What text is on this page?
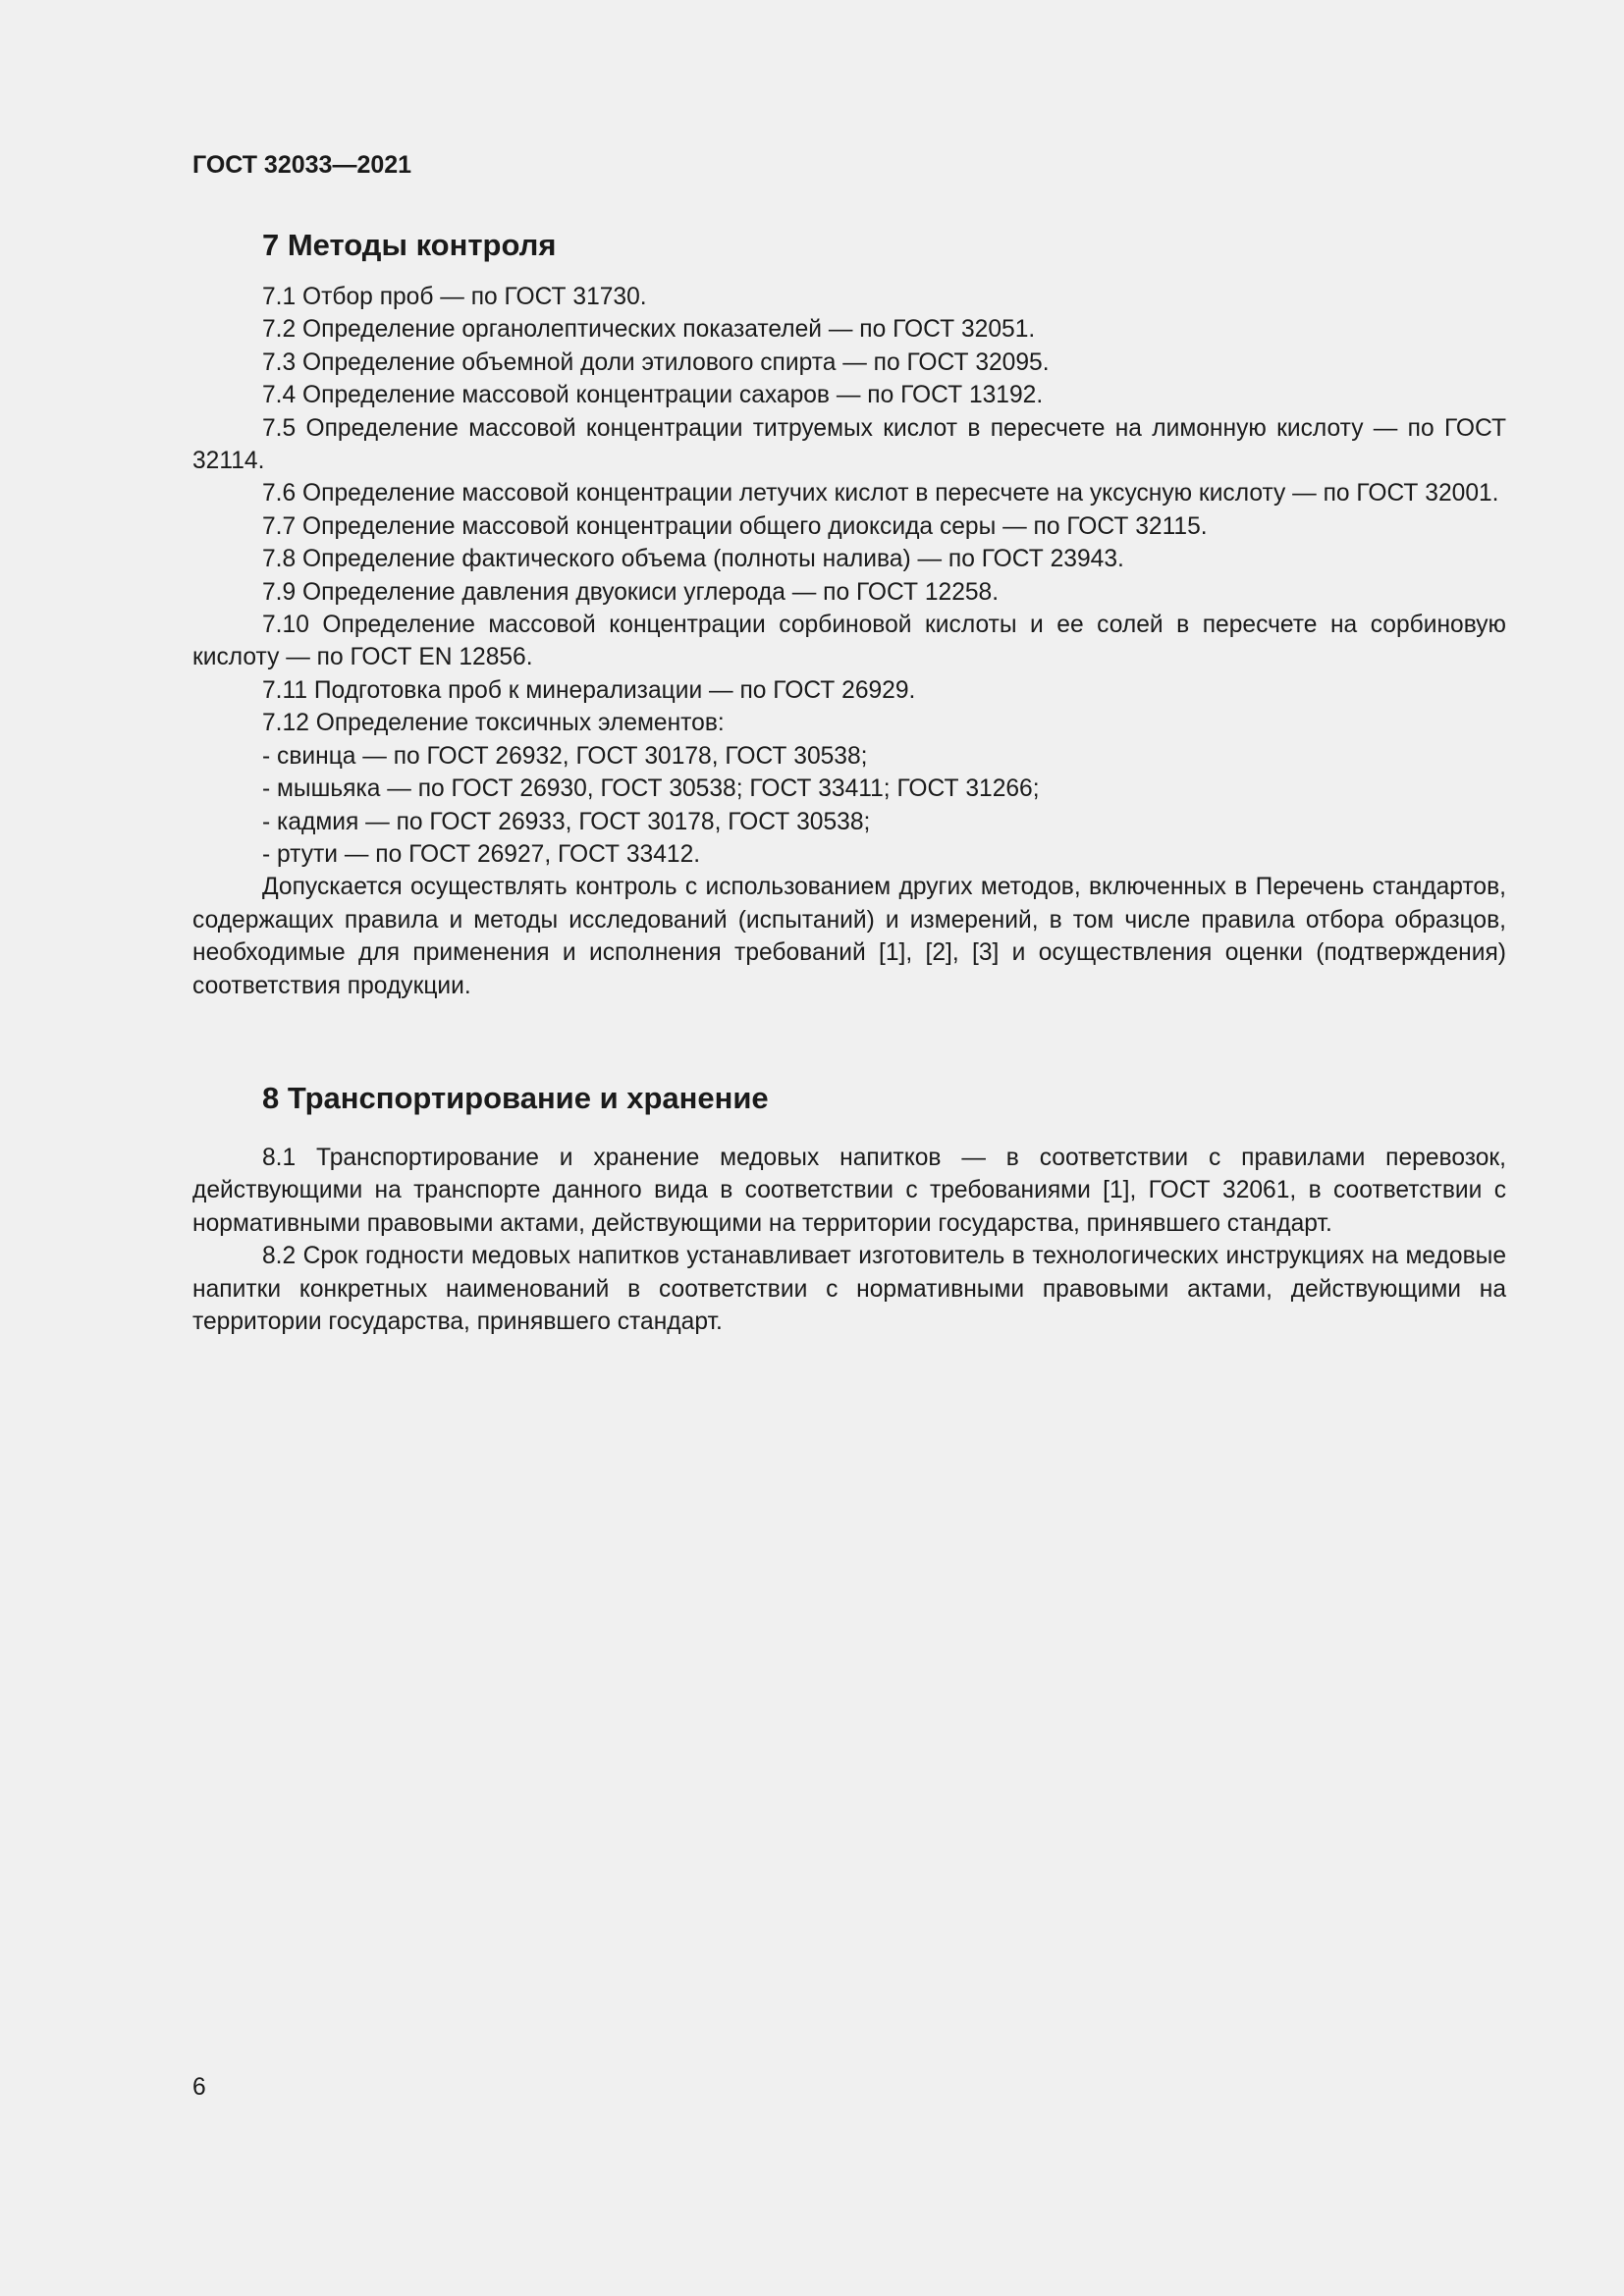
ГОСТ 32033—2021

7 Методы контроля

7.1 Отбор проб — по ГОСТ 31730.

7.2 Определение органолептических показателей — по ГОСТ 32051.

7.3 Определение объемной доли этилового спирта — по ГОСТ 32095.

7.4 Определение массовой концентрации сахаров — по ГОСТ 13192.

7.5 Определение массовой концентрации титруемых кислот в пересчете на лимонную кислоту — по ГОСТ 32114.

7.6 Определение массовой концентрации летучих кислот в пересчете на уксусную кислоту — по ГОСТ 32001.

7.7 Определение массовой концентрации общего диоксида серы — по ГОСТ 32115.

7.8 Определение фактического объема (полноты налива) — по ГОСТ 23943.

7.9 Определение давления двуокиси углерода — по ГОСТ 12258.

7.10 Определение массовой концентрации сорбиновой кислоты и ее солей в пересчете на сорбиновую кислоту — по ГОСТ EN 12856.

7.11 Подготовка проб к минерализации — по ГОСТ 26929.

7.12 Определение токсичных элементов:

- свинца — по ГОСТ 26932, ГОСТ 30178, ГОСТ 30538;

- мышьяка — по ГОСТ 26930, ГОСТ 30538; ГОСТ 33411; ГОСТ 31266;

- кадмия — по ГОСТ 26933, ГОСТ 30178, ГОСТ 30538;

- ртути — по ГОСТ 26927, ГОСТ 33412.

Допускается осуществлять контроль с использованием других методов, включенных в Перечень стандартов, содержащих правила и методы исследований (испытаний) и измерений, в том числе правила отбора образцов, необходимые для применения и исполнения требований [1], [2], [3] и осуществления оценки (подтверждения) соответствия продукции.

8 Транспортирование и хранение

8.1 Транспортирование и хранение медовых напитков — в соответствии с правилами перевозок, действующими на транспорте данного вида в соответствии с требованиями [1], ГОСТ 32061, в соответствии с нормативными правовыми актами, действующими на территории государства, принявшего стандарт.

8.2 Срок годности медовых напитков устанавливает изготовитель в технологических инструкциях на медовые напитки конкретных наименований в соответствии с нормативными правовыми актами, действующими на территории государства, принявшего стандарт.

6
